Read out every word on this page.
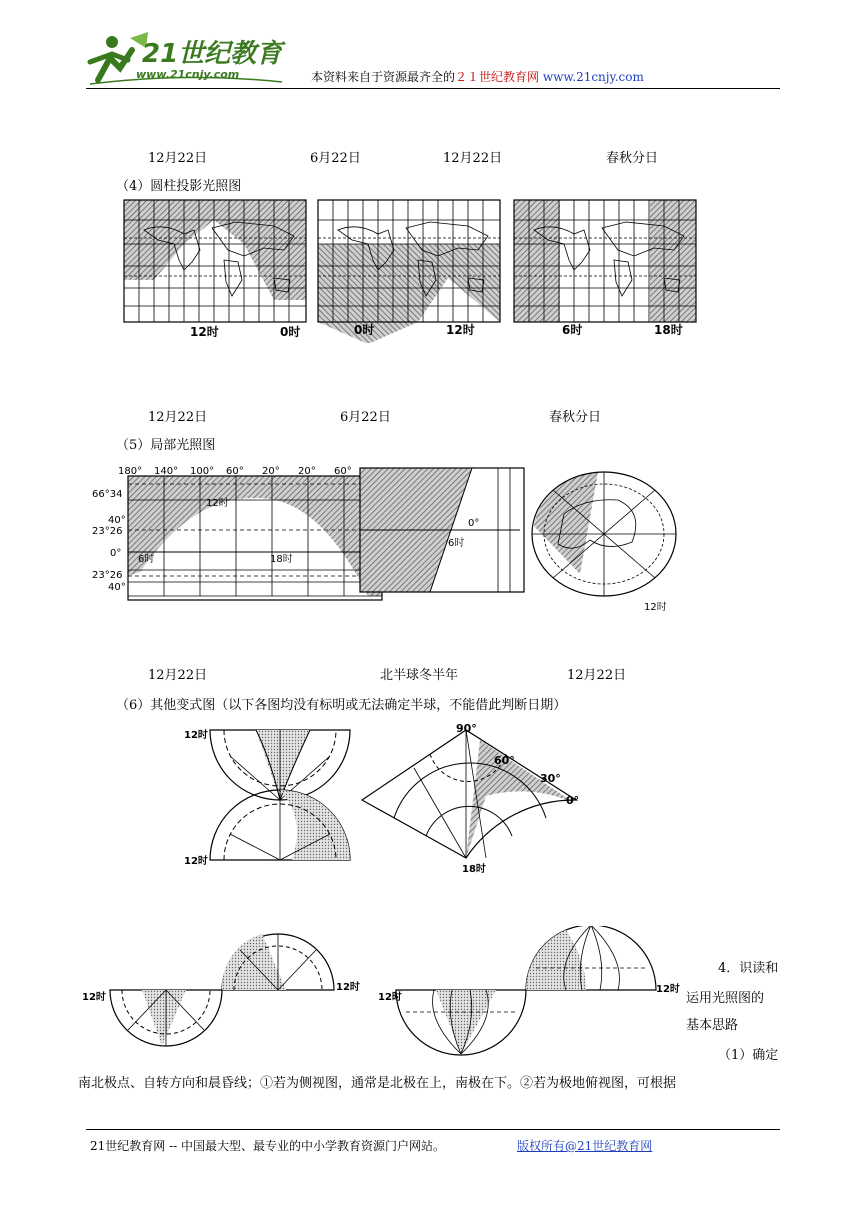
21世纪教育
www.21cnjy.com	本资料来自于资源最齐全的２１世纪教育网 www.21cnjy.com
12月22日	6月22日	12月22日	春秋分日
（4）圆柱投影光照图
12时	0时	0时	12时	6时	18时
12月22日	6月22日	春秋分日
（5）局部光照图
180° 140° 100° 60° 20° 20° 60°
66°34
40°
23°26
0°
23°26
40°
12时
6时	18时
0°
6时
12时
12月22日	北半球冬半年	12月22日
（6）其他变式图（以下各图均没有标明或无法确定半球，不能借此判断日期）
12时
12时
90°
60°
30°
0°
18时
12时
12时
12时
12时
4．识读和
运用光照图的
基本思路
（1）确定
南北极点、自转方向和晨昏线；①若为侧视图，通常是北极在上，南极在下。②若为极地俯视图，可根据
21世纪教育网 -- 中国最大型、最专业的中小学教育资源门户网站。	版权所有@21世纪教育网
